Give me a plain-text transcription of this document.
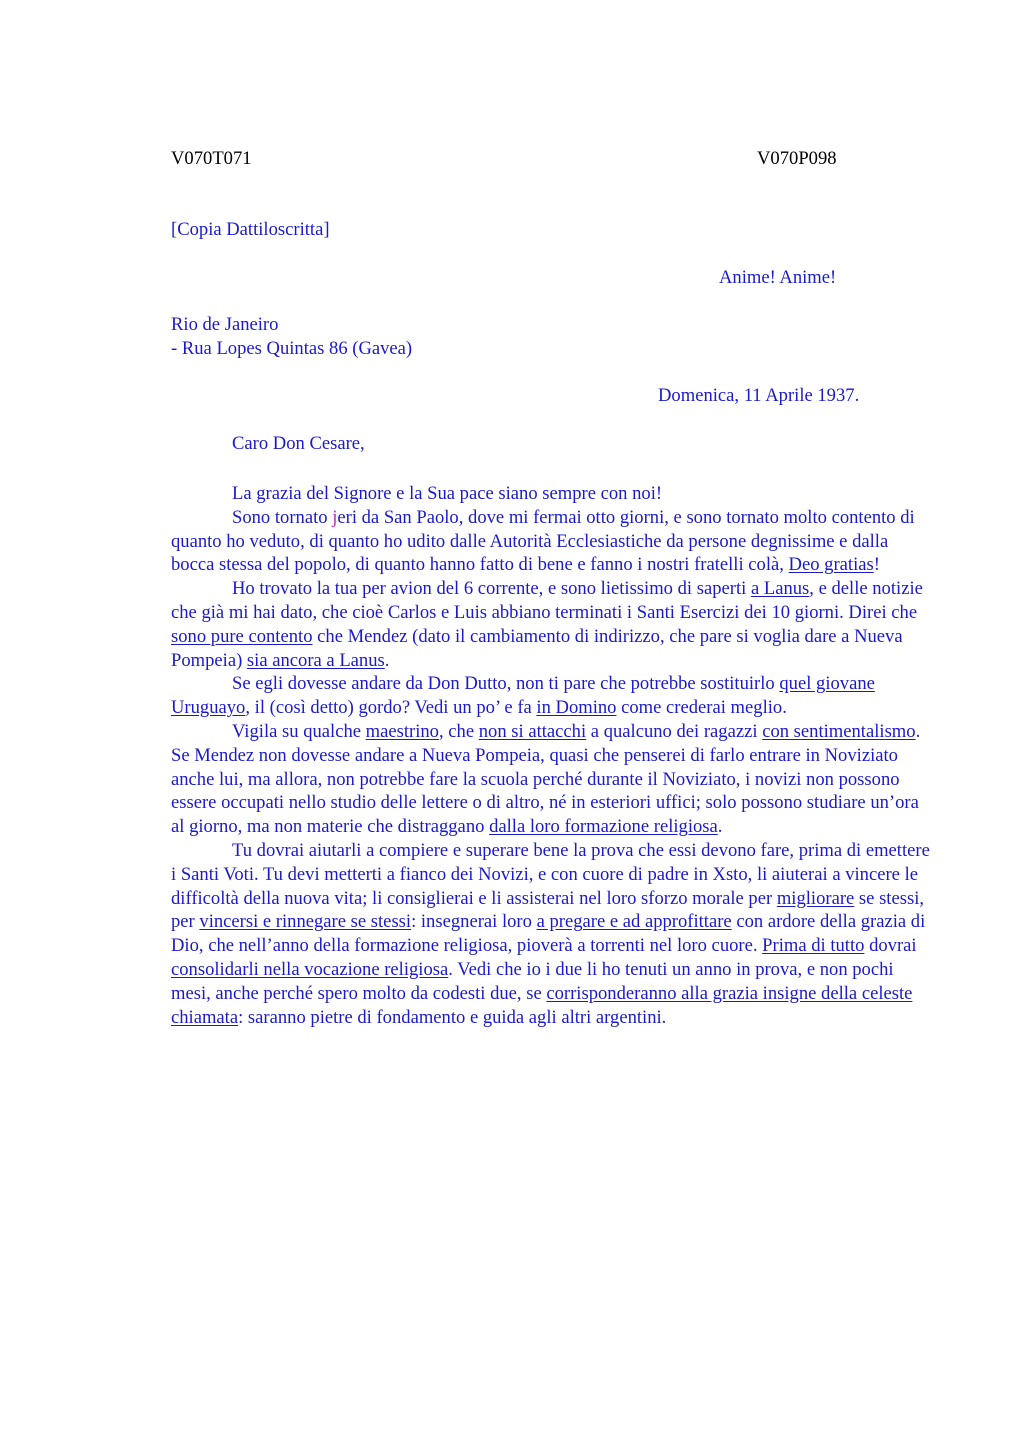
V070T071	V070P098
[Copia Dattiloscritta]
Anime! Anime!
Rio de Janeiro
- Rua Lopes Quintas 86 (Gavea)
Domenica, 11 Aprile 1937.
Caro Don Cesare,

La grazia del Signore e la Sua pace siano sempre con noi!

Sono tornato jeri da San Paolo, dove mi fermai otto giorni, e sono tornato molto contento di quanto ho veduto, di quanto ho udito dalle Autorità Ecclesiastiche da persone degnissime e dalla bocca stessa del popolo, di quanto hanno fatto di bene e fanno i nostri fratelli colà, Deo gratias!

Ho trovato la tua per avion del 6 corrente, e sono lietissimo di saperti a Lanus, e delle notizie che già mi hai dato, che cioè Carlos e Luis abbiano terminati i Santi Esercizi dei 10 giorni. Direi che sono pure contento che Mendez (dato il cambiamento di indirizzo, che pare si voglia dare a Nueva Pompeia) sia ancora a Lanus.

Se egli dovesse andare da Don Dutto, non ti pare che potrebbe sostituirlo quel giovane Uruguayo, il (così detto) gordo? Vedi un po’ e fa in Domino come crederai meglio.

Vigila su qualche maestrino, che non si attacchi a qualcuno dei ragazzi con sentimentalismo. Se Mendez non dovesse andare a Nueva Pompeia, quasi che penserei di farlo entrare in Noviziato anche lui, ma allora, non potrebbe fare la scuola perché durante il Noviziato, i novizi non possono essere occupati nello studio delle lettere o di altro, né in esteriori uffici; solo possono studiare un’ora al giorno, ma non materie che distraggano dalla loro formazione religiosa.

Tu dovrai aiutarli a compiere e superare bene la prova che essi devono fare, prima di emettere i Santi Voti. Tu devi metterti a fianco dei Novizi, e con cuore di padre in Xsto, li aiuterai a vincere le difficoltà della nuova vita; li consiglierai e li assisterai nel loro sforzo morale per migliorare se stessi, per vincersi e rinnegare se stessi: insegnerai loro a pregare e ad approfittare con ardore della grazia di Dio, che nell’anno della formazione religiosa, pioverà a torrenti nel loro cuore. Prima di tutto dovrai consolidarli nella vocazione religiosa. Vedi che io i due li ho tenuti un anno in prova, e non pochi mesi, anche perché spero molto da codesti due, se corrisponderanno alla grazia insigne della celeste chiamata: saranno pietre di fondamento e guida agli altri argentini.
